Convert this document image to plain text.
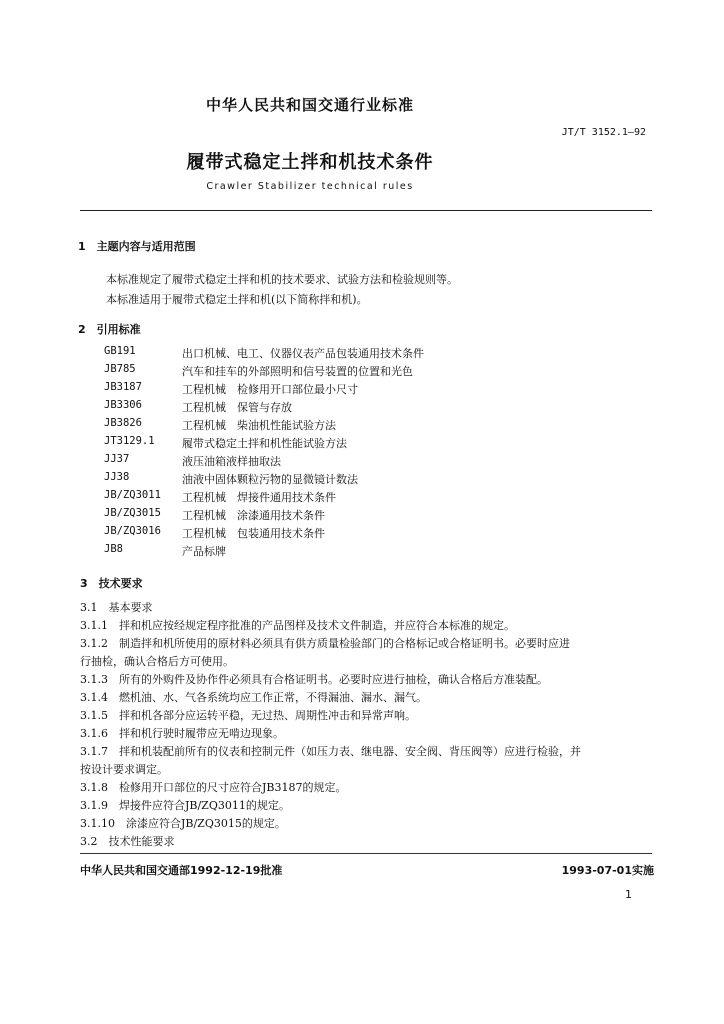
中华人民共和国交通行业标准
JT/T 3152.1—92
履带式稳定土拌和机技术条件
Crawler Stabilizer technical rules
1　主题内容与适用范围
本标准规定了履带式稳定土拌和机的技术要求、试验方法和检验规则等。
本标准适用于履带式稳定土拌和机(以下简称拌和机)。
2　引用标准
GB191	出口机械、电工、仪器仪表产品包装通用技术条件
JB785	汽车和挂车的外部照明和信号装置的位置和光色
JB3187	工程机械　检修用开口部位最小尺寸
JB3306	工程机械　保管与存放
JB3826	工程机械　柴油机性能试验方法
JT3129.1 履带式稳定土拌和机性能试验方法
JJ37	液压油箱液样抽取法
JJ38	油液中固体颗粒污物的显微镜计数法
JB/ZQ3011 工程机械　焊接件通用技术条件
JB/ZQ3015 工程机械　涂漆通用技术条件
JB/ZQ3016 工程机械　包装通用技术条件
JB8	产品标牌
3　技术要求
3.1　基本要求
3.1.1　拌和机应按经规定程序批准的产品图样及技术文件制造，并应符合本标准的规定。
3.1.2　制造拌和机所使用的原材料必须具有供方质量检验部门的合格标记或合格证明书。必要时应进
行抽检，确认合格后方可使用。
3.1.3　所有的外购件及协作件必须具有合格证明书。必要时应进行抽检，确认合格后方准装配。
3.1.4　燃机油、水、气各系统均应工作正常，不得漏油、漏水、漏气。
3.1.5　拌和机各部分应运转平稳，无过热、周期性冲击和异常声响。
3.1.6　拌和机行驶时履带应无啃边现象。
3.1.7　拌和机装配前所有的仪表和控制元件（如压力表、继电器、安全阀、背压阀等）应进行检验，并
按设计要求调定。
3.1.8　检修用开口部位的尺寸应符合JB3187的规定。
3.1.9　焊接件应符合JB/ZQ3011的规定。
3.1.10　涂漆应符合JB/ZQ3015的规定。
3.2　技术性能要求
中华人民共和国交通部1992-12-19批准	1993-07-01实施
1
